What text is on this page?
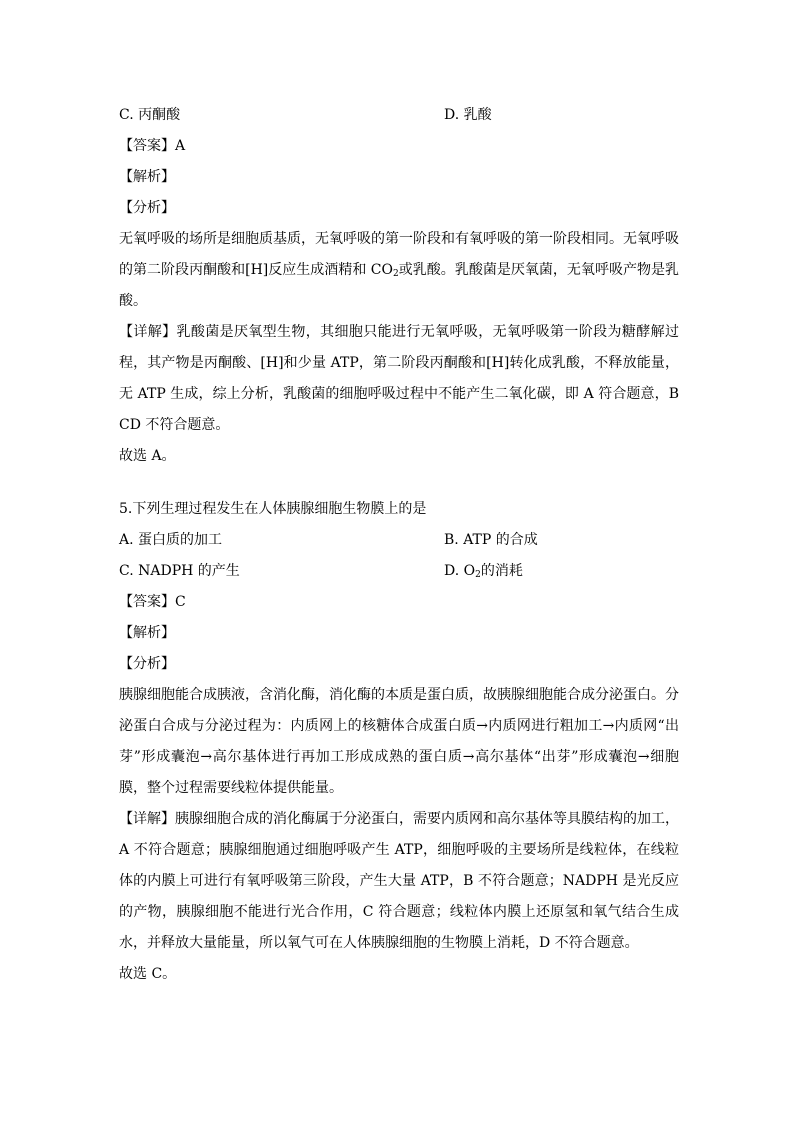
C. 丙酮酸	D. 乳酸
【答案】A
【解析】
【分析】
无氧呼吸的场所是细胞质基质，无氧呼吸的第一阶段和有氧呼吸的第一阶段相同。无氧呼吸的第二阶段丙酮酸和[H]反应生成酒精和 $CO_2$或乳酸。乳酸菌是厌氧菌，无氧呼吸产物是乳酸。
【详解】乳酸菌是厌氧型生物，其细胞只能进行无氧呼吸，无氧呼吸第一阶段为糖酵解过程，其产物是丙酮酸、[H]和少量 ATP，第二阶段丙酮酸和[H]转化成乳酸，不释放能量，无 ATP 生成，综上分析，乳酸菌的细胞呼吸过程中不能产生二氧化碳，即 A 符合题意，BCD 不符合题意。
故选 A。
5.下列生理过程发生在人体胰腺细胞生物膜上的是
A. 蛋白质的加工	B. ATP 的合成
C. NADPH 的产生	D. $O_2$的消耗
【答案】C
【解析】
【分析】
胰腺细胞能合成胰液，含消化酶，消化酶的本质是蛋白质，故胰腺细胞能合成分泌蛋白。分泌蛋白合成与分泌过程为：内质网上的核糖体合成蛋白质→内质网进行粗加工→内质网“出芽”形成囊泡→高尔基体进行再加工形成成熟的蛋白质→高尔基体“出芽”形成囊泡→细胞膜，整个过程需要线粒体提供能量。
【详解】胰腺细胞合成的消化酶属于分泌蛋白，需要内质网和高尔基体等具膜结构的加工，A 不符合题意；胰腺细胞通过细胞呼吸产生 ATP，细胞呼吸的主要场所是线粒体，在线粒体的内膜上可进行有氧呼吸第三阶段，产生大量 ATP，B 不符合题意；NADPH 是光反应的产物，胰腺细胞不能进行光合作用，C 符合题意；线粒体内膜上还原氢和氧气结合生成水，并释放大量能量，所以氧气可在人体胰腺细胞的生物膜上消耗，D 不符合题意。
故选 C。
